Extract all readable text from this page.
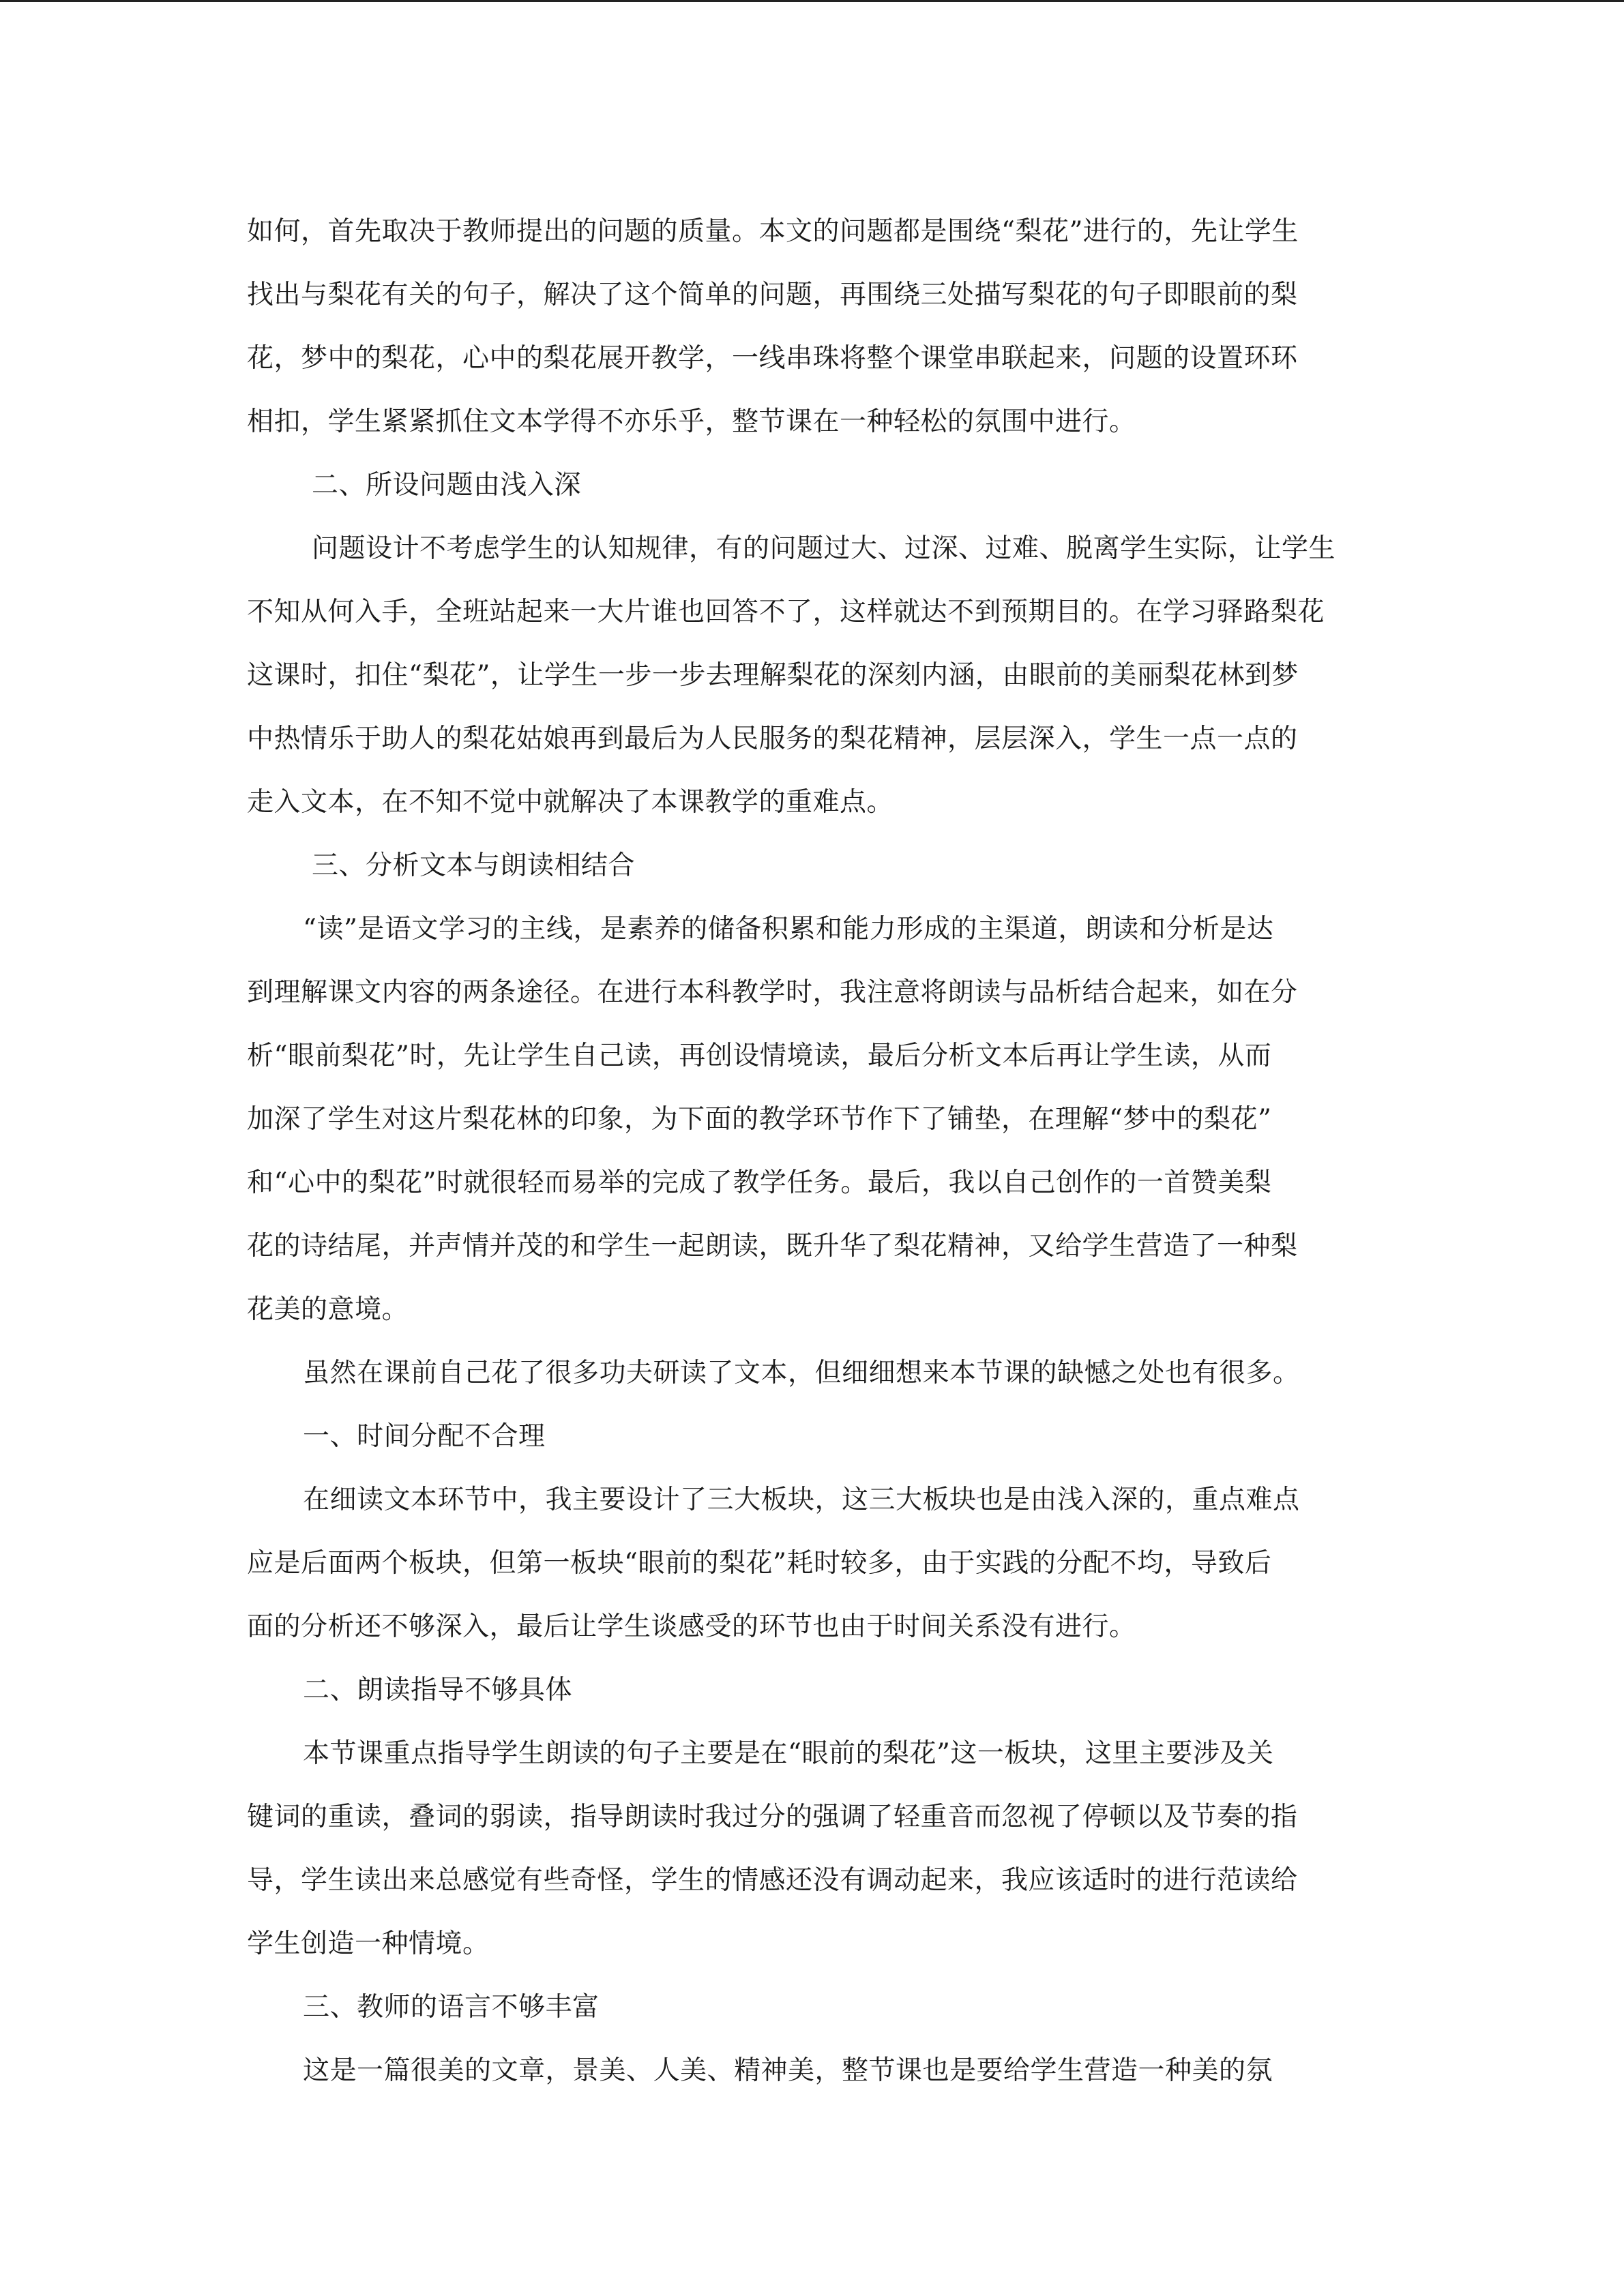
如何，首先取决于教师提出的问题的质量。本文的问题都是围绕“梨花”进行的，先让学生
找出与梨花有关的句子，解决了这个简单的问题，再围绕三处描写梨花的句子即眼前的梨
花，梦中的梨花，心中的梨花展开教学，一线串珠将整个课堂串联起来，问题的设置环环
相扣，学生紧紧抓住文本学得不亦乐乎，整节课在一种轻松的氛围中进行。
二、所设问题由浅入深
问题设计不考虑学生的认知规律，有的问题过大、过深、过难、脱离学生实际，让学生
不知从何入手，全班站起来一大片谁也回答不了，这样就达不到预期目的。在学习驿路梨花
这课时，扣住“梨花”，让学生一步一步去理解梨花的深刻内涵，由眼前的美丽梨花林到梦
中热情乐于助人的梨花姑娘再到最后为人民服务的梨花精神，层层深入，学生一点一点的
走入文本，在不知不觉中就解决了本课教学的重难点。
三、分析文本与朗读相结合
“读”是语文学习的主线，是素养的储备积累和能力形成的主渠道，朗读和分析是达
到理解课文内容的两条途径。在进行本科教学时，我注意将朗读与品析结合起来，如在分
析“眼前梨花”时，先让学生自己读，再创设情境读，最后分析文本后再让学生读，从而
加深了学生对这片梨花林的印象，为下面的教学环节作下了铺垫，在理解“梦中的梨花”
和“心中的梨花”时就很轻而易举的完成了教学任务。最后，我以自己创作的一首赞美梨
花的诗结尾，并声情并茂的和学生一起朗读，既升华了梨花精神，又给学生营造了一种梨
花美的意境。
虽然在课前自己花了很多功夫研读了文本，但细细想来本节课的缺憾之处也有很多。
一、时间分配不合理
在细读文本环节中，我主要设计了三大板块，这三大板块也是由浅入深的，重点难点
应是后面两个板块，但第一板块“眼前的梨花”耗时较多，由于实践的分配不均，导致后
面的分析还不够深入，最后让学生谈感受的环节也由于时间关系没有进行。
二、朗读指导不够具体
本节课重点指导学生朗读的句子主要是在“眼前的梨花”这一板块，这里主要涉及关
键词的重读，叠词的弱读，指导朗读时我过分的强调了轻重音而忽视了停顿以及节奏的指
导，学生读出来总感觉有些奇怪，学生的情感还没有调动起来，我应该适时的进行范读给
学生创造一种情境。
三、教师的语言不够丰富
这是一篇很美的文章，景美、人美、精神美，整节课也是要给学生营造一种美的氛
